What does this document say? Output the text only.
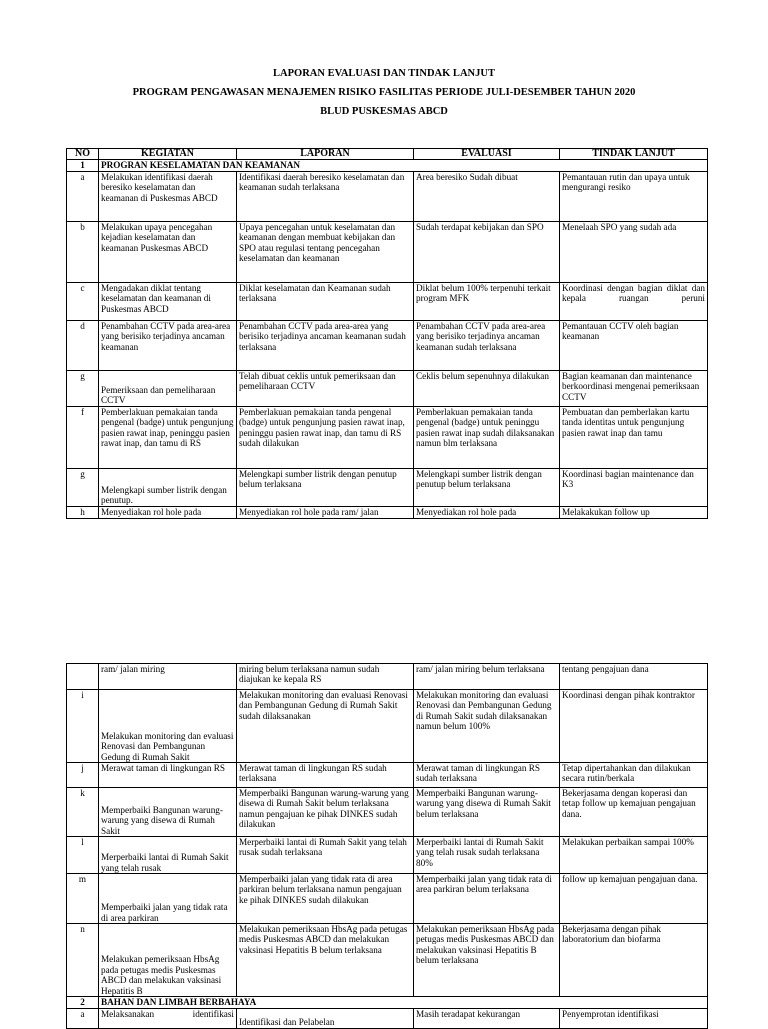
LAPORAN EVALUASI DAN TINDAK LANJUT
PROGRAM PENGAWASAN MENAJEMEN RISIKO FASILITAS PERIODE JULI-DESEMBER TAHUN 2020
BLUD PUSKESMAS ABCD
NO	KEGIATAN	LAPORAN	EVALUASI	TINDAK LANJUT
1	PROGRAN KESELAMATAN DAN KEAMANAN			
a	Melakukan identifikasi daerah beresiko keselamatan dan keamanan di Puskesmas ABCD	Identifikasi daerah beresiko keselamatan dan keamanan sudah terlaksana	Area beresiko Sudah dibuat	Pemantauan rutin dan upaya untuk mengurangi resiko
b	Melakukan upaya pencegahan kejadian keselamatan dan keamanan Puskesmas ABCD	Upaya pencegahan untuk keselamatan dan keamanan dengan membuat kebijakan dan SPO atau regulasi tentang pencegahan keselamatan dan keamanan	Sudah terdapat kebijakan dan SPO	Menelaah SPO yang sudah ada
c	Mengadakan diklat tentang keselamatan dan keamanan di Puskesmas ABCD	Diklat keselamatan dan Keamanan sudah terlaksana	Diklat belum 100% terpenuhi terkait program MFK	Koordinasi dengan bagian diklat dan kepala ruangan peruni
d	Penambahan CCTV pada area-area yang berisiko terjadinya ancaman keamanan	Penambahan CCTV pada area-area yang berisiko terjadinya ancaman keamanan sudah terlaksana	Penambahan CCTV pada area-area yang berisiko terjadinya ancaman keamanan sudah terlaksana	Pemantauan CCTV oleh bagian keamanan
g	Pemeriksaan dan pemeliharaan CCTV	Telah dibuat ceklis untuk pemeriksaan dan pemeliharaan CCTV	Ceklis belum sepenuhnya dilakukan	Bagian keamanan dan maintenance berkoordinasi mengenai pemeriksaan CCTV
f	Pemberlakuan pemakaian tanda pengenal (badge) untuk pengunjung pasien rawat inap, peninggu pasien rawat inap, dan tamu di RS	Pemberlakuan pemakaian tanda pengenal (badge) untuk pengunjung pasien rawat inap, peninggu pasien rawat inap, dan tamu di RS sudah dilakukan	Pemberlakuan pemakaian tanda pengenal (badge) untuk peninggu pasien rawat inap sudah dilaksanakan namun blm terlaksana	Pembuatan dan pemberlakan kartu tanda identitas untuk pengunjung pasien rawat inap dan tamu
g	Melengkapi sumber listrik dengan penutup.	Melengkapi sumber listrik dengan penutup belum terlaksana	Melengkapi sumber listrik dengan penutup belum terlaksana	Koordinasi bagian maintenance dan K3
h	Menyediakan rol hole pada	Menyediakan rol hole pada ram/ jalan	Menyediakan rol hole pada	Melakakukan follow up
	ram/ jalan miring	miring belum terlaksana namun sudah diajukan ke kepala RS	ram/ jalan miring belum terlaksana	tentang pengajuan dana
i	Melakukan monitoring dan evaluasi Renovasi dan Pembangunan Gedung di Rumah Sakit	Melakukan monitoring dan evaluasi Renovasi dan Pembangunan Gedung di Rumah Sakit sudah dilaksanakan	Melakukan monitoring dan evaluasi Renovasi dan Pembangunan Gedung di Rumah Sakit sudah dilaksanakan namun belum 100%	Koordinasi dengan pihak kontraktor
j	Merawat taman di lingkungan RS	Merawat taman di lingkungan RS sudah terlaksana	Merawat taman di lingkungan RS sudah terlaksana	Tetap dipertahankan dan dilakukan secara rutin/berkala
k	Memperbaiki Bangunan warung-warung yang disewa di Rumah Sakit	Memperbaiki Bangunan warung-warung yang disewa di Rumah Sakit belum terlaksana namun pengajuan ke pihak DINKES sudah dilakukan	Memperbaiki Bangunan warung-warung yang disewa di Rumah Sakit belum terlaksana	Bekerjasama dengan koperasi dan tetap follow up kemajuan pengajuan dana.
l	Merperbaiki lantai di Rumah Sakit yang telah rusak	Merperbaiki lantai di Rumah Sakit yang telah rusak sudah terlaksana	Merperbaiki lantai di Rumah Sakit yang telah rusak sudah terlaksana 80%	Melakukan perbaikan sampai 100%
m	Memperbaiki jalan yang tidak rata di area parkiran	Memperbaiki jalan yang tidak rata di area parkiran belum terlaksana namun pengajuan ke pihak DINKES sudah dilakukan	Memperbaiki jalan yang tidak rata di area parkiran belum terlaksana	follow up kemajuan pengajuan dana.
n	Melakukan pemeriksaan HbsAg pada petugas medis Puskesmas ABCD dan melakukan vaksinasi Hepatitis B	Melakukan pemeriksaan HbsAg pada petugas medis Puskesmas ABCD dan melakukan vaksinasi Hepatitis B belum terlaksana	Melakukan pemeriksaan HbsAg pada petugas medis Puskesmas ABCD dan melakukan vaksinasi Hepatitis B belum terlaksana	Bekerjasama dengan pihak laboratorium dan biofarma
2	BAHAN DAN LIMBAH BERBAHAYA			
a	Melaksanakan identifikasi	Identifikasi dan Pelabelan	Masih teradapat kekurangan	Penyemprotan identifikasi
